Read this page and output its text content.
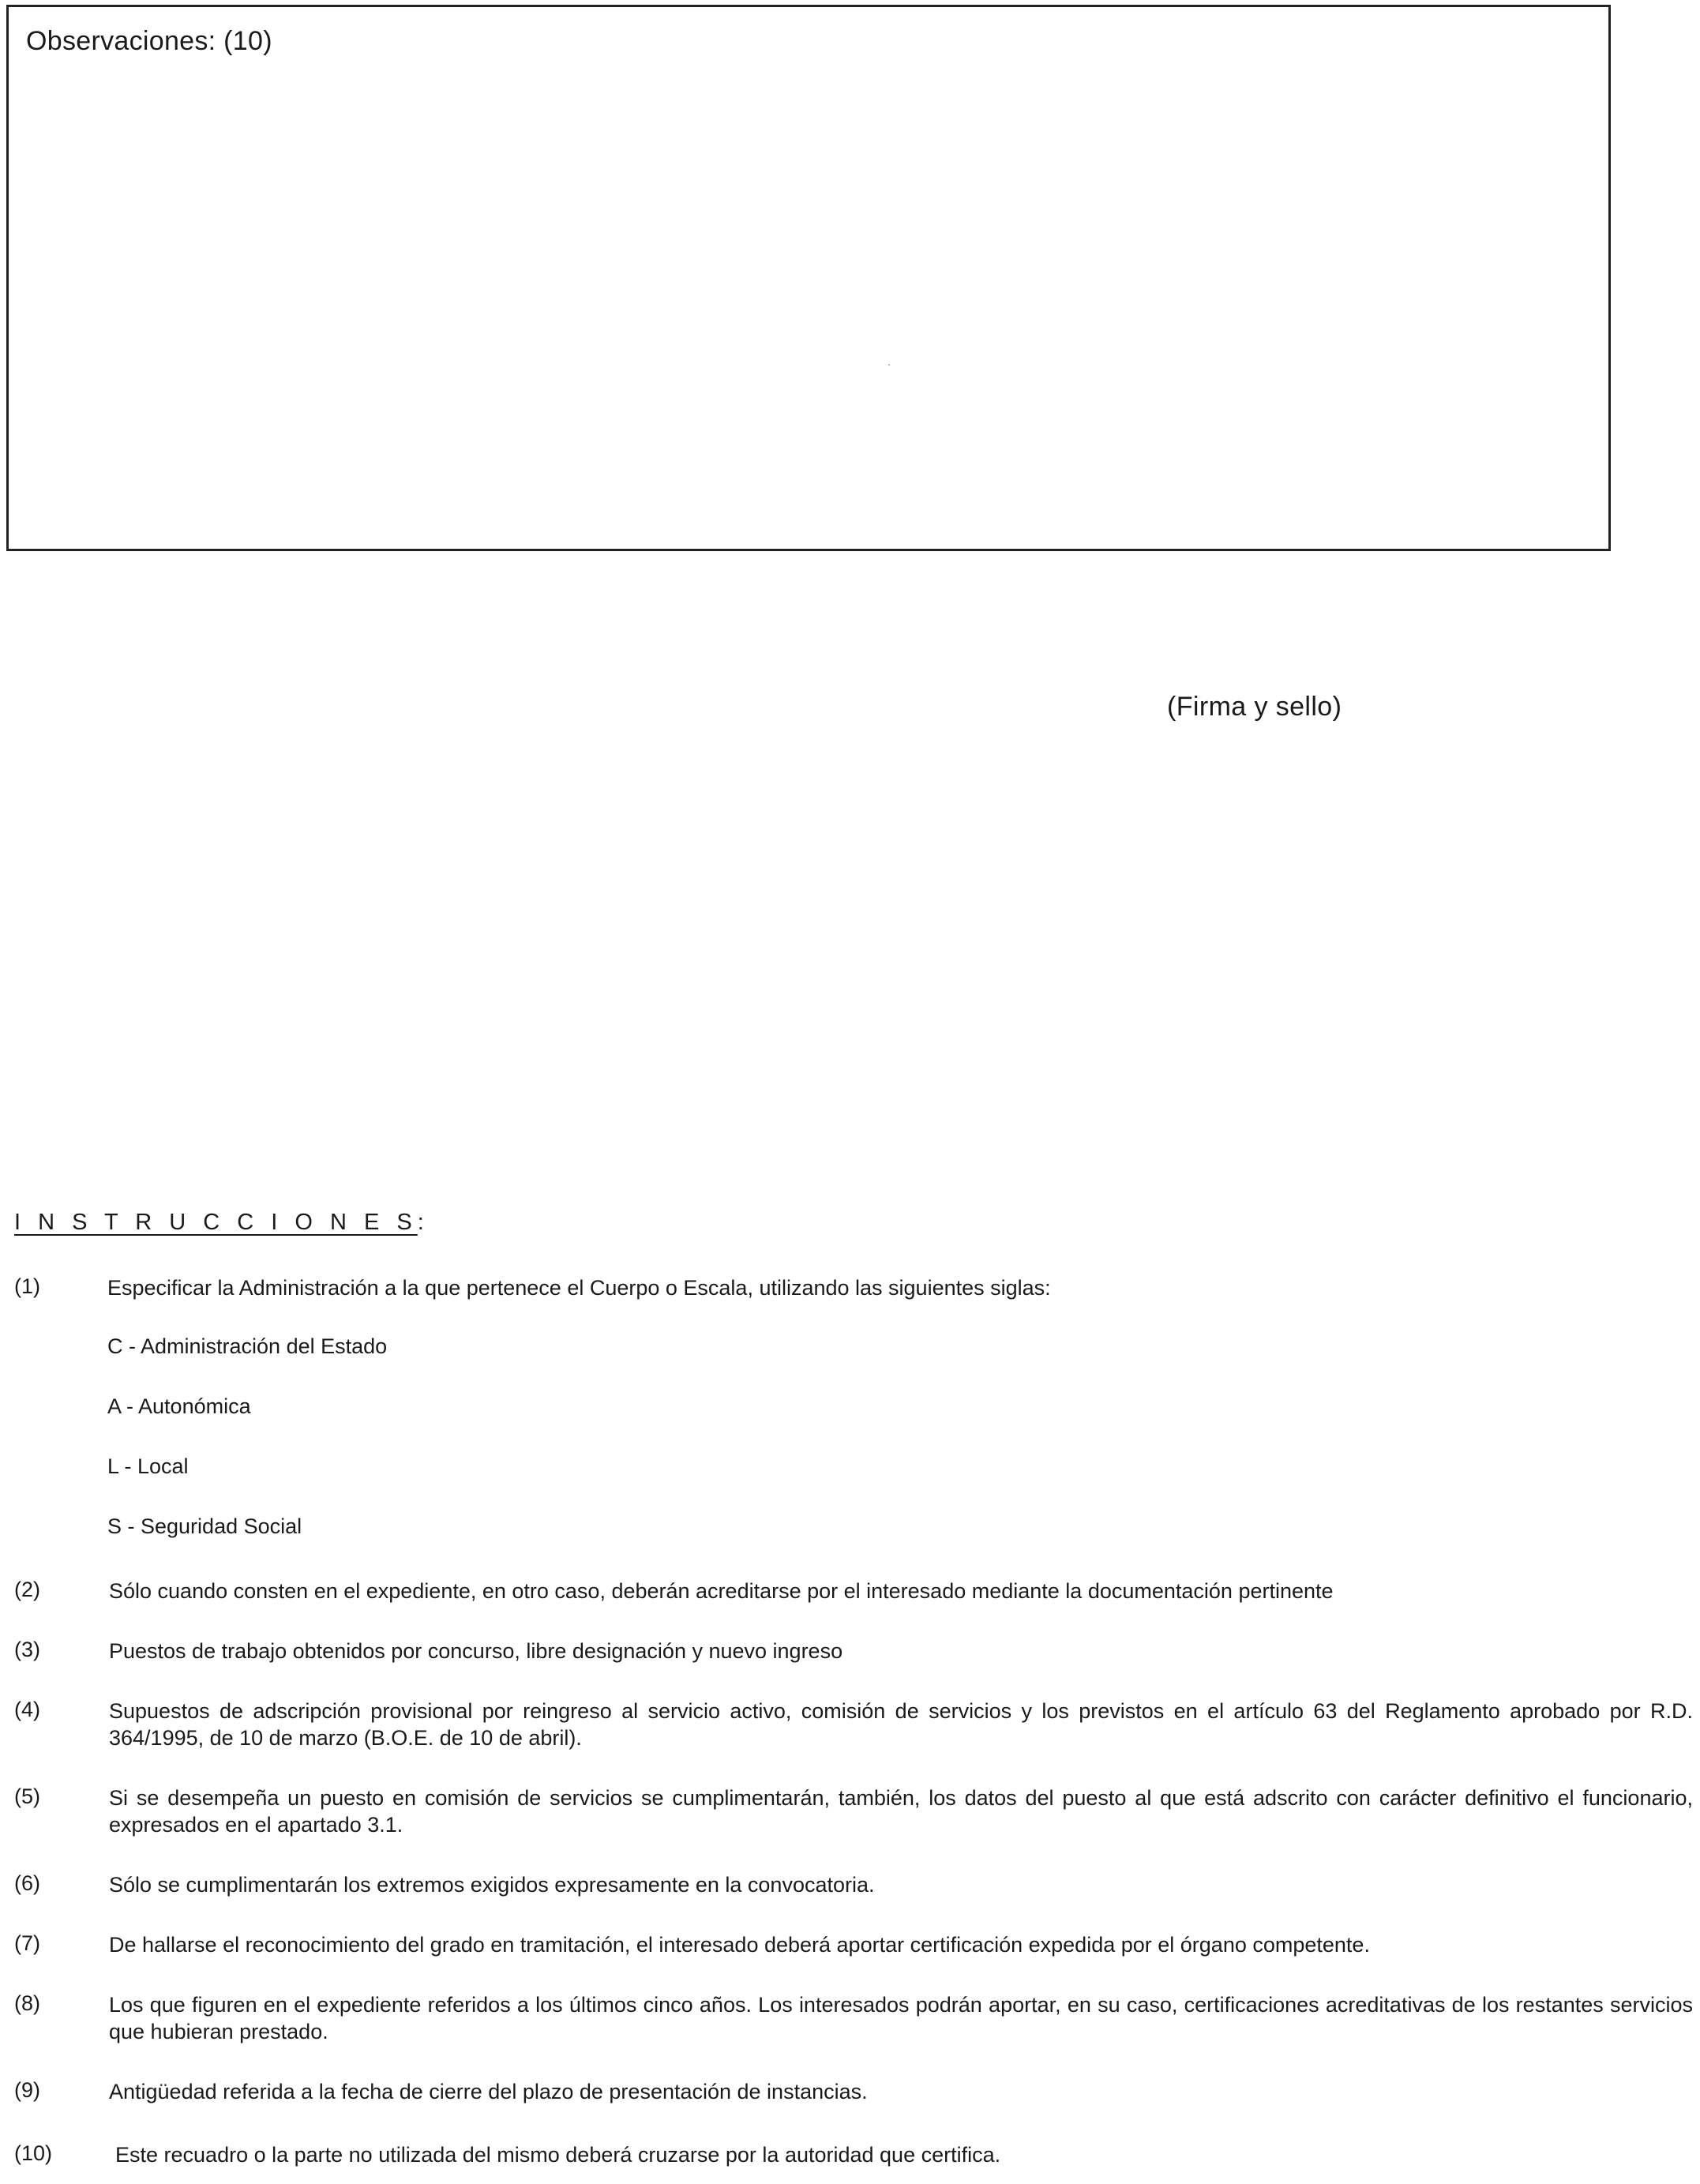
Observaciones: (10)
(Firma y sello)
I N S T R U C C I O N E S:
(1)	Especificar la Administración a la que pertenece el Cuerpo o Escala, utilizando las siguientes siglas:
C - Administración del Estado
A - Autonómica
L - Local
S - Seguridad Social
(2)	Sólo cuando consten en el expediente, en otro caso, deberán acreditarse por el interesado mediante la documentación pertinente
(3)	Puestos de trabajo obtenidos por concurso, libre designación y nuevo ingreso
(4)	Supuestos de adscripción provisional por reingreso al servicio activo, comisión de servicios y los previstos en el artículo 63 del Reglamento aprobado por R.D. 364/1995, de 10 de marzo (B.O.E. de 10 de abril).
(5)	Si se desempeña un puesto en comisión de servicios se cumplimentarán, también, los datos del puesto al que está adscrito con carácter definitivo el funcionario, expresados en el apartado 3.1.
(6)	Sólo se cumplimentarán los extremos exigidos expresamente en la convocatoria.
(7)	De hallarse el reconocimiento del grado en tramitación, el interesado deberá aportar certificación expedida por el órgano competente.
(8)	Los que figuren en el expediente referidos a los últimos cinco años. Los interesados podrán aportar, en su caso, certificaciones acreditativas de los restantes servicios que hubieran prestado.
(9)	Antigüedad referida a la fecha de cierre del plazo de presentación de instancias.
(10)	Este recuadro o la parte no utilizada del mismo deberá cruzarse por la autoridad que certifica.
